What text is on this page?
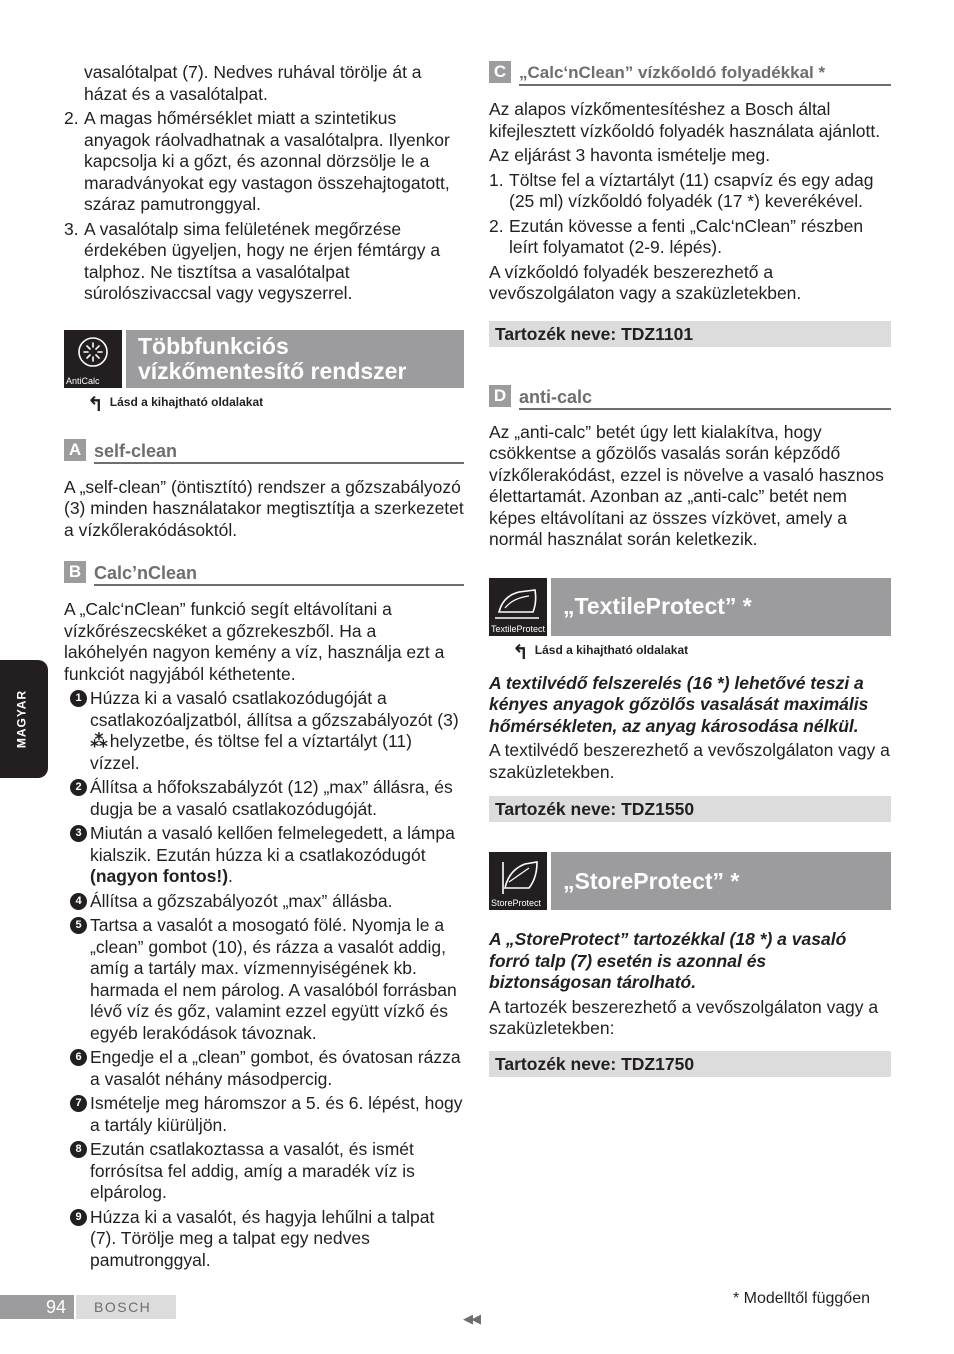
vasalótalpat (7). Nedves ruhával törölje át a házat és a vasalótalpat.

2. A magas hőmérséklet miatt a szintetikus anyagok ráolvadhatnak a vasalótalpra. Ilyenkor kapcsolja ki a gőzt, és azonnal dörzsölje le a maradványokat egy vastagon összehajtogatott, száraz pamutronggyal.
3. A vasalótalp sima felületének megőrzése érdekében ügyeljen, hogy ne érjen fémtárgy a talphoz. Ne tisztítsa a vasalótalpat súrolószivaccsal vagy vegyszerrel.
AntiCalc
Többfunkciós vízkőmentesítő rendszer
↰ Lásd a kihajtható oldalakat
A self-clean

A „self-clean” (öntisztító) rendszer a gőzszabályozó (3) minden használatakor megtisztítja a szerkezetet a vízkőlerakódásoktól.

B Calc’nClean

A „Calc‘nClean” funkció segít eltávolítani a vízkőrészecskéket a gőzrekeszből. Ha a lakóhelyén nagyon kemény a víz, használja ezt a funkciót nagyjából kéthetente.

1 Húzza ki a vasaló csatlakozódugóját a csatlakozóaljzatból, állítsa a gőzszabályozót (3) ⁂ helyzetbe, és töltse fel a víztartályt (11) vízzel.
2 Állítsa a hőfokszabályzót (12) „max” állásra, és dugja be a vasaló csatlakozódugóját.
3 Miután a vasaló kellően felmelegedett, a lámpa kialszik. Ezután húzza ki a csatlakozódugót (nagyon fontos!).
4 Állítsa a gőzszabályozót „max” állásba.
5 Tartsa a vasalót a mosogató fölé. Nyomja le a „clean” gombot (10), és rázza a vasalót addig, amíg a tartály max. vízmennyiségének kb. harmada el nem párolog. A vasalóból forrásban lévő víz és gőz, valamint ezzel együtt vízkő és egyéb lerakódások távoznak.
6 Engedje el a „clean” gombot, és óvatosan rázza a vasalót néhány másodpercig.
7 Ismételje meg háromszor a 5. és 6. lépést, hogy a tartály kiürüljön.
8 Ezután csatlakoztassa a vasalót, és ismét forrósítsa fel addig, amíg a maradék víz is elpárolog.
9 Húzza ki a vasalót, és hagyja lehűlni a talpat (7). Törölje meg a talpat egy nedves pamutronggyal.
C „Calc‘nClean” vízkőoldó folyadékkal *

Az alapos vízkőmentesítéshez a Bosch által kifejlesztett vízkőoldó folyadék használata ajánlott.

Az eljárást 3 havonta ismételje meg.

1. Töltse fel a víztartályt (11) csapvíz és egy adag (25 ml) vízkőoldó folyadék (17 *) keverékével.
2. Ezután kövesse a fenti „Calc‘nClean” részben leírt folyamatot (2-9. lépés).

A vízkőoldó folyadék beszerezhető a vevőszolgálaton vagy a szaküzletekben.

Tartozék neve: TDZ1101
D anti-calc

Az „anti-calc” betét úgy lett kialakítva, hogy csökkentse a gőzölős vasalás során képződő vízkőlerakódást, ezzel is növelve a vasaló hasznos élettartamát. Azonban az „anti-calc” betét nem képes eltávolítani az összes vízkövet, amely a normál használat során keletkezik.

TextileProtect
„TextileProtect” *
↰ Lásd a kihajtható oldalakat

A textilvédő felszerelés (16 *) lehetővé teszi a kényes anyagok gőzölős vasalását maximális hőmérsékleten, az anyag károsodása nélkül.

A textilvédő beszerezhető a vevőszolgálaton vagy a szaküzletekben.

Tartozék neve: TDZ1550
StoreProtect
„StoreProtect” *

A „StoreProtect” tartozékkal (18 *) a vasaló forró talp (7) esetén is azonnal és biztonságosan tárolható.

A tartozék beszerezhető a vevőszolgálaton vagy a szaküzletekben:

Tartozék neve: TDZ1750
MAGYAR
94	BOSCH
◀◀
* Modelltől függően
